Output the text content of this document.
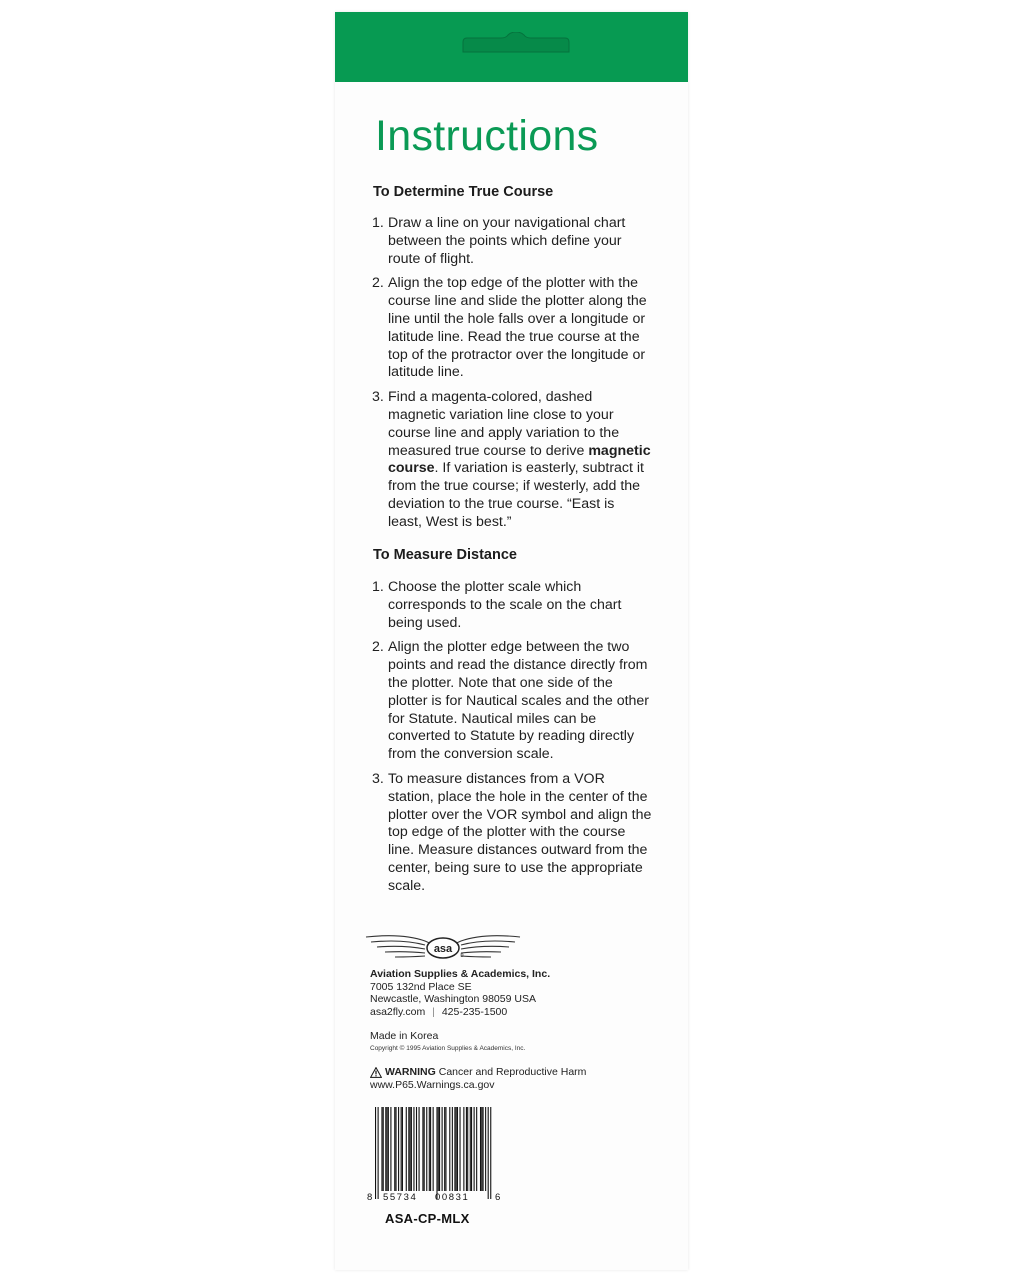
Instructions
To Determine True Course
1. Draw a line on your navigational chart between the points which define your route of flight.
2. Align the top edge of the plotter with the course line and slide the plotter along the line until the hole falls over a longitude or latitude line. Read the true course at the top of the protractor over the longitude or latitude line.
3. Find a magenta-colored, dashed magnetic variation line close to your course line and apply variation to the measured true course to derive magnetic course. If variation is easterly, subtract it from the true course; if westerly, add the deviation to the true course. “East is least, West is best.”
To Measure Distance
1. Choose the plotter scale which corresponds to the scale on the chart being used.
2. Align the plotter edge between the two points and read the distance directly from the plotter. Note that one side of the plotter is for Nautical scales and the other for Statute. Nautical miles can be converted to Statute by reading directly from the conversion scale.
3. To measure distances from a VOR station, place the hole in the center of the plotter over the VOR symbol and align the top edge of the plotter with the course line. Measure distances outward from the center, being sure to use the appropriate scale.
asa
®
Aviation Supplies & Academics, Inc.
7005 132nd Place SE
Newcastle, Washington 98059 USA
asa2fly.com | 425-235-1500
Made in Korea
Copyright © 1995 Aviation Supplies & Academics, Inc.
WARNING Cancer and Reproductive Harm
www.P65.Warnings.ca.gov
8 55734 00831	6
ASA-CP-MLX
